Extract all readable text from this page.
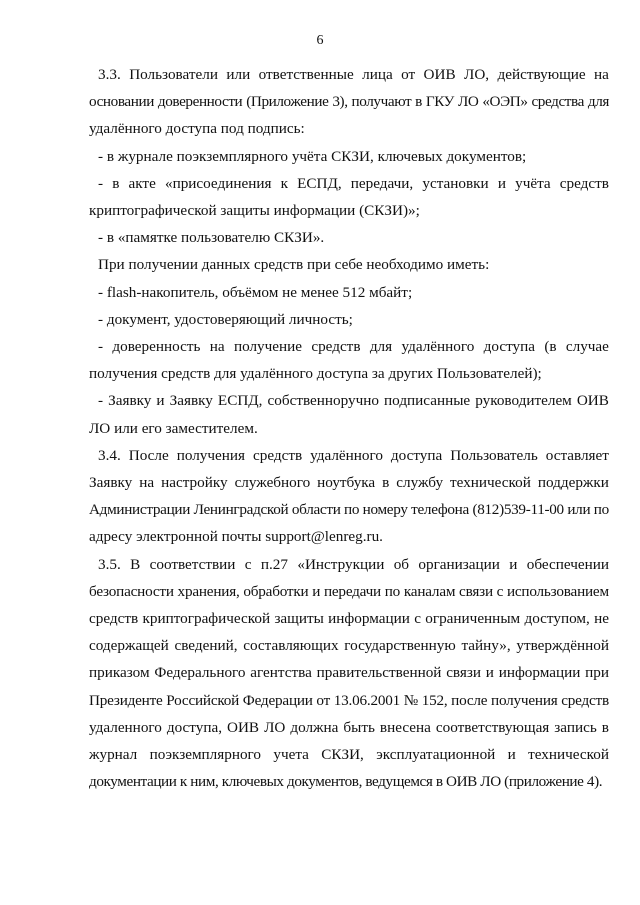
6
3.3. Пользователи или ответственные лица от ОИВ ЛО, действующие на
основании доверенности (Приложение 3), получают в ГКУ ЛО «ОЭП» средства для
удалённого доступа под подпись:
- в журнале поэкземплярного учёта СКЗИ, ключевых документов;
- в акте «присоединения к ЕСПД, передачи, установки и учёта средств
криптографической защиты информации (СКЗИ)»;
- в «памятке пользователю СКЗИ».
При получении данных средств при себе необходимо иметь:
- flash-накопитель, объёмом не менее 512 мбайт;
- документ, удостоверяющий личность;
- доверенность на получение средств для удалённого доступа (в случае
получения средств для удалённого доступа за других Пользователей);
- Заявку и Заявку ЕСПД, собственноручно подписанные руководителем ОИВ
ЛО или его заместителем.
3.4. После получения средств удалённого доступа Пользователь оставляет
Заявку на настройку служебного ноутбука в службу технической поддержки
Администрации Ленинградской области по номеру телефона (812)539-11-00 или по
адресу электронной почты support@lenreg.ru.
3.5. В соответствии с п.27 «Инструкции об организации и обеспечении
безопасности хранения, обработки и передачи по каналам связи с использованием
средств криптографической защиты информации с ограниченным доступом, не
содержащей сведений, составляющих государственную тайну», утверждённой
приказом Федерального агентства правительственной связи и информации при
Президенте Российской Федерации от 13.06.2001 № 152, после получения средств
удаленного доступа, ОИВ ЛО должна быть внесена соответствующая запись в
журнал поэкземплярного учета СКЗИ, эксплуатационной и технической
документации к ним, ключевых документов, ведущемся в ОИВ ЛО (приложение 4).
